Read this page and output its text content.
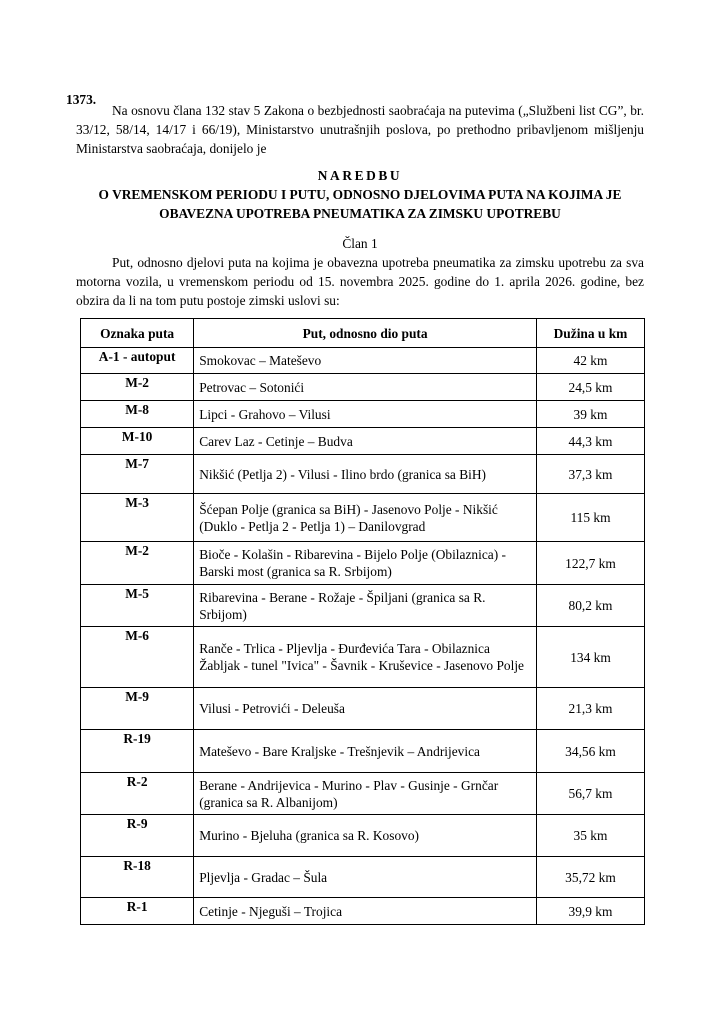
1373.
Na osnovu člana 132 stav 5 Zakona o bezbjednosti saobraćaja na putevima („Službeni list CG”, br. 33/12, 58/14, 14/17 i 66/19), Ministarstvo unutrašnjih poslova, po prethodno pribavljenom mišljenju Ministarstva saobraćaja, donijelo je
NAREDBU
O VREMENSKOM PERIODU I PUTU, ODNOSNO DJELOVIMA PUTA NA KOJIMA JE
OBAVEZNA UPOTREBA PNEUMATIKA ZA ZIMSKU UPOTREBU
Član 1
Put, odnosno djelovi puta na kojima je obavezna upotreba pneumatika za zimsku upotrebu za sva motorna vozila, u vremenskom periodu od 15. novembra 2025. godine do 1. aprila 2026. godine, bez obzira da li na tom putu postoje zimski uslovi su:
Oznaka puta	Put, odnosno dio puta	Dužina u km
A-1 - autoput	Smokovac – Mateševo	42 km
M-2	Petrovac – Sotonići	24,5 km
M-8	Lipci - Grahovo – Vilusi	39 km
M-10	Carev Laz - Cetinje – Budva	44,3 km
M-7	Nikšić (Petlja 2) - Vilusi - Ilino brdo (granica sa BiH)	37,3 km
M-3	Šćepan Polje (granica sa BiH) - Jasenovo Polje - Nikšić (Duklo - Petlja 2 - Petlja 1) – Danilovgrad	115 km
M-2	Bioče - Kolašin - Ribarevina - Bijelo Polje (Obilaznica) - Barski most (granica sa R. Srbijom)	122,7 km
M-5	Ribarevina - Berane - Rožaje - Špiljani (granica sa R. Srbijom)	80,2 km
M-6	Ranče - Trlica - Pljevlja - Đurđevića Tara - Obilaznica Žabljak - tunel "Ivica" - Šavnik - Kruševice - Jasenovo Polje	134 km
M-9	Vilusi - Petrovići - Deleuša	21,3 km
R-19	Mateševo - Bare Kraljske - Trešnjevik – Andrijevica	34,56 km
R-2	Berane - Andrijevica - Murino - Plav - Gusinje - Grnčar (granica sa R. Albanijom)	56,7 km
R-9	Murino - Bjeluha (granica sa R. Kosovo)	35 km
R-18	Pljevlja - Gradac – Šula	35,72 km
R-1	Cetinje - Njeguši – Trojica	39,9 km
